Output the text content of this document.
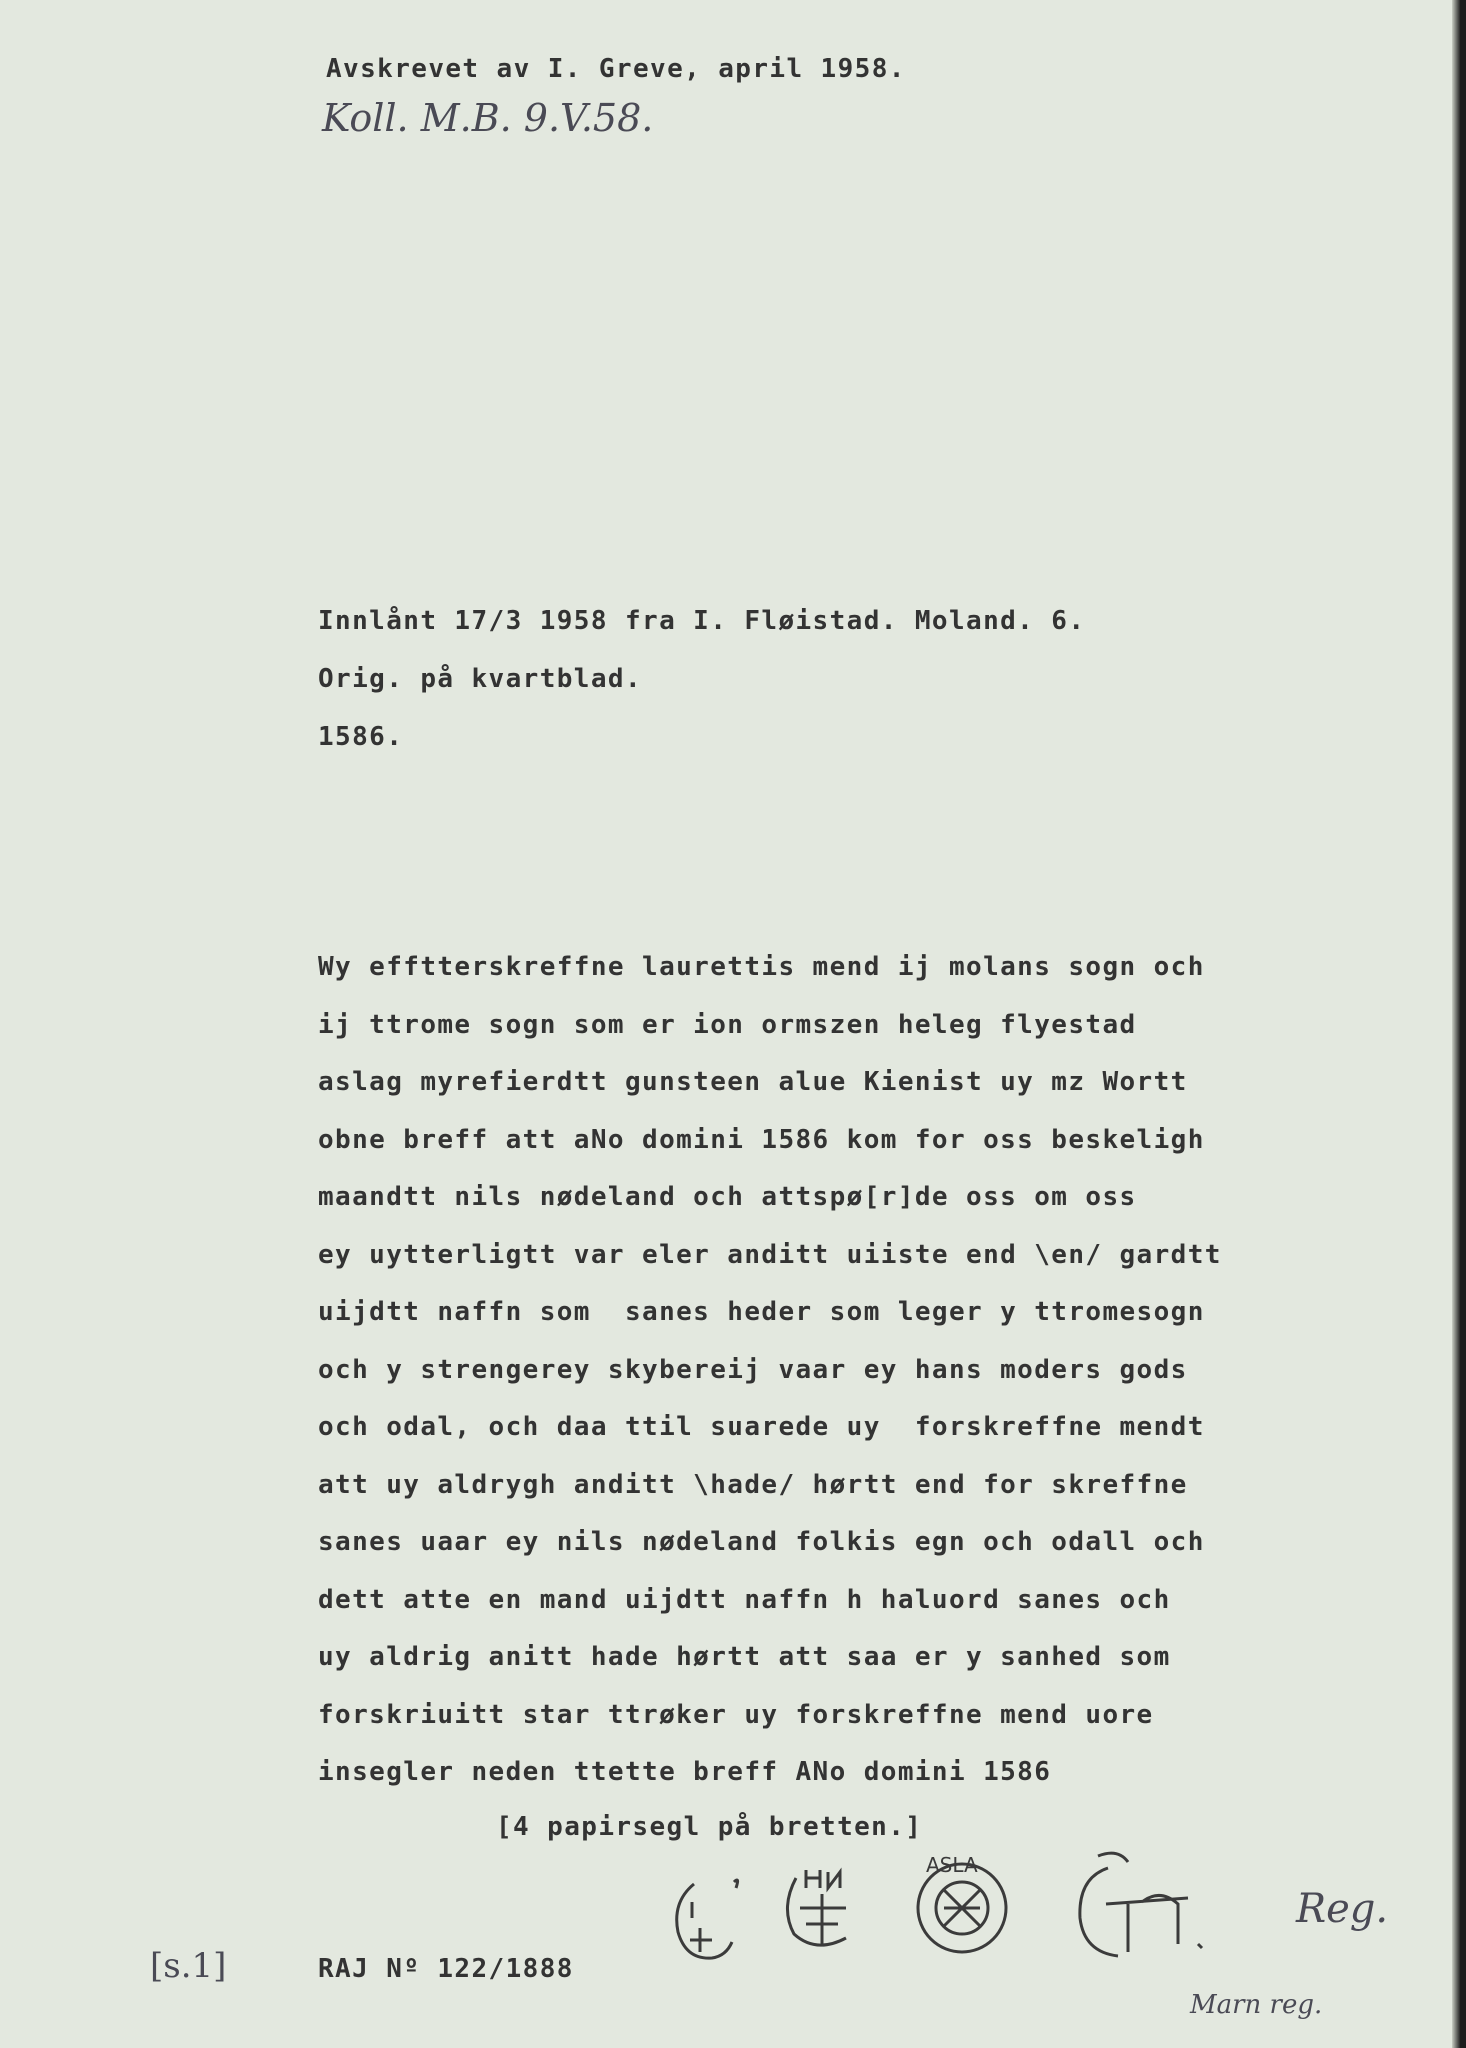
Avskrevet av I. Greve, april 1958.
Koll. M.B. 9.V.58.
Innlånt 17/3 1958 fra I. Fløistad. Moland. 6.
Orig. på kvartblad.
1586.
Wy efftterskreffne laurettis mend ij molans sogn och
ij ttrome sogn som er ion ormszen heleg flyestad
aslag myrefierdtt gunsteen alue Kienist uy mz Wortt
obne breff att aNo domini 1586 kom for oss beskeligh
maandtt nils nødeland och attspø[r]de oss om oss
ey uytterligtt var eler anditt uiiste end \en/ gardtt
uijdtt naffn som  sanes heder som leger y ttromesogn
och y strengerey skybereij vaar ey hans moders gods
och odal, och daa ttil suarede uy  forskreffne mendt
att uy aldrygh anditt \hade/ hørtt end for skreffne
sanes uaar ey nils nødeland folkis egn och odall och
dett atte en mand uijdtt naffn h haluord sanes och
uy aldrig anitt hade hørtt att saa er y sanhed som
forskriuitt star ttrøker uy forskreffne mend uore
insegler neden ttette breff ANo domini 1586
[4 papirsegl på bretten.]
ASLA
Reg.
Marn reg.
[s.1]	RAJ Nº 122/1888
